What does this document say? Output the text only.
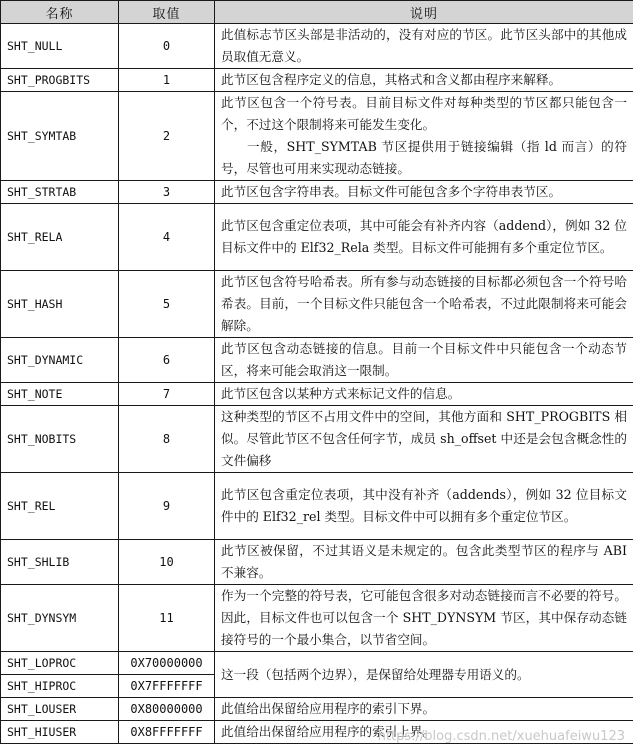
名称	取值	说明
SHT_NULL	0	此值标志节区头部是非活动的，没有对应的节区。此节区头部中的其他成员取值无意义。
SHT_PROGBITS	1	此节区包含程序定义的信息，其格式和含义都由程序来解释。
SHT_SYMTAB	2	此节区包含一个符号表。目前目标文件对每种类型的节区都只能包含一个，不过这个限制将来可能发生变化。

一般，SHT_SYMTAB 节区提供用于链接编辑（指 ld 而言）的符号，尽管也可用来实现动态链接。

SHT_STRTAB	3	此节区包含字符串表。目标文件可能包含多个字符串表节区。
SHT_RELA	4	此节区包含重定位表项，其中可能会有补齐内容（addend），例如 32 位目标文件中的 Elf32_Rela 类型。目标文件可能拥有多个重定位节区。
SHT_HASH	5	此节区包含符号哈希表。所有参与动态链接的目标都必须包含一个符号哈希表。目前，一个目标文件只能包含一个哈希表，不过此限制将来可能会解除。
SHT_DYNAMIC	6	此节区包含动态链接的信息。目前一个目标文件中只能包含一个动态节区，将来可能会取消这一限制。
SHT_NOTE	7	此节区包含以某种方式来标记文件的信息。
SHT_NOBITS	8	这种类型的节区不占用文件中的空间，其他方面和 SHT_PROGBITS 相似。尽管此节区不包含任何字节，成员 sh_offset 中还是会包含概念性的文件偏移
SHT_REL	9	此节区包含重定位表项，其中没有补齐（addends），例如 32 位目标文件中的 Elf32_rel 类型。目标文件中可以拥有多个重定位节区。
SHT_SHLIB	10	此节区被保留，不过其语义是未规定的。包含此类型节区的程序与 ABI 不兼容。
SHT_DYNSYM	11	作为一个完整的符号表，它可能包含很多对动态链接而言不必要的符号。因此，目标文件也可以包含一个 SHT_DYNSYM 节区，其中保存动态链接符号的一个最小集合，以节省空间。
SHT_LOPROC	0X70000000	这一段（包括两个边界），是保留给处理器专用语义的。
SHT_HIPROC	0X7FFFFFFF	
SHT_LOUSER	0X80000000	此值给出保留给应用程序的索引下界。
SHT_HIUSER	0X8FFFFFFF	此值给出保留给应用程序的索引上界。
https://blog.csdn.net/xuehuafeiwu123
